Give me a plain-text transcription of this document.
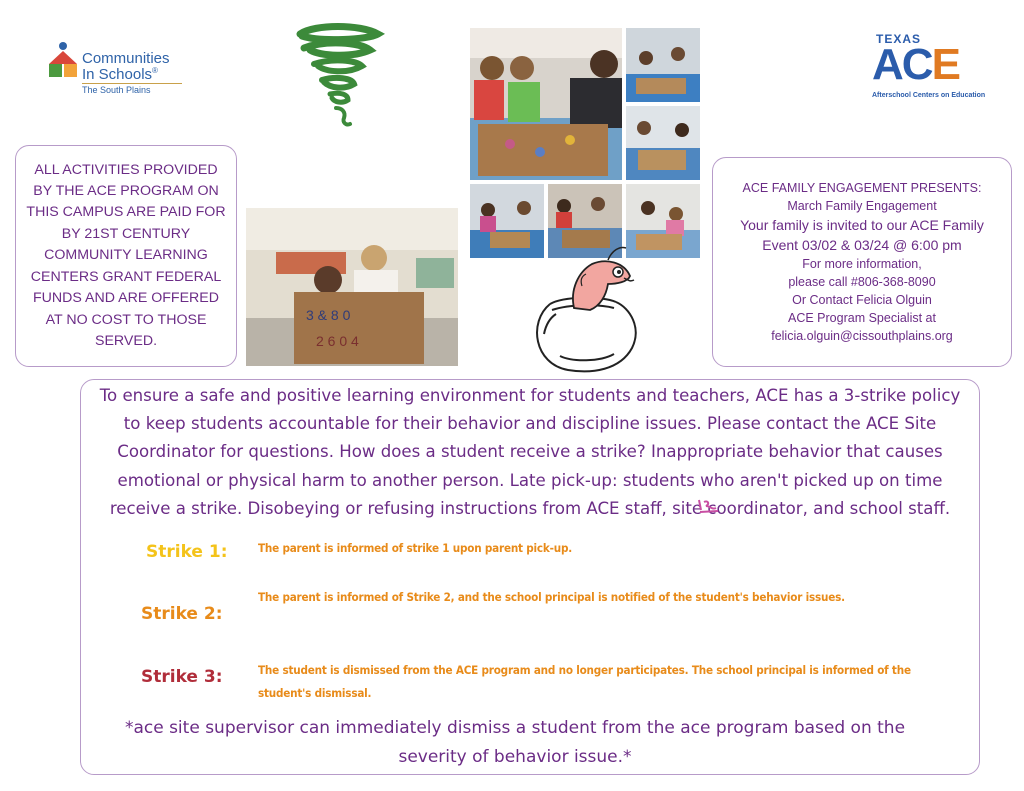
Communities
In Schools®
The South Plains
TEXAS
ACE
Afterschool Centers on Education

ALL ACTIVITIES PROVIDED BY THE ACE PROGRAM ON THIS CAMPUS ARE PAID FOR BY 21ST CENTURY COMMUNITY LEARNING CENTERS GRANT FEDERAL FUNDS AND ARE OFFERED AT NO COST TO THOSE SERVED.

3 & 8 0
2 6 0 4
ACE FAMILY ENGAGEMENT PRESENTS:
March Family Engagement
Your family is invited to our ACE Family
Event 03/02 & 03/24 @ 6:00 pm
For more information,
please call #806-368-8090
Or Contact Felicia Olguin
ACE Program Specialist at
felicia.olguin@cissouthplains.org

To ensure a safe and positive learning environment for students and teachers, ACE has a 3-strike policy to keep students accountable for their behavior and discipline issues. Please contact the ACE Site Coordinator for questions. How does a student receive a strike? Inappropriate behavior that causes emotional or physical harm to another person. Late pick-up: students who aren't picked up on time receive a strike. Disobeying or refusing instructions from ACE staff, site coordinator, and school staff.

Strike 1:	The parent is informed of strike 1 upon parent pick-up.
Strike 2:
The parent is informed of Strike 2, and the school principal is notified of the student's behavior issues.
Strike 3:	The student is dismissed from the ACE program and no longer participates. The school principal is informed of the student's dismissal.

*ace site supervisor can immediately dismiss a student from the ace program based on the severity of behavior issue.*
